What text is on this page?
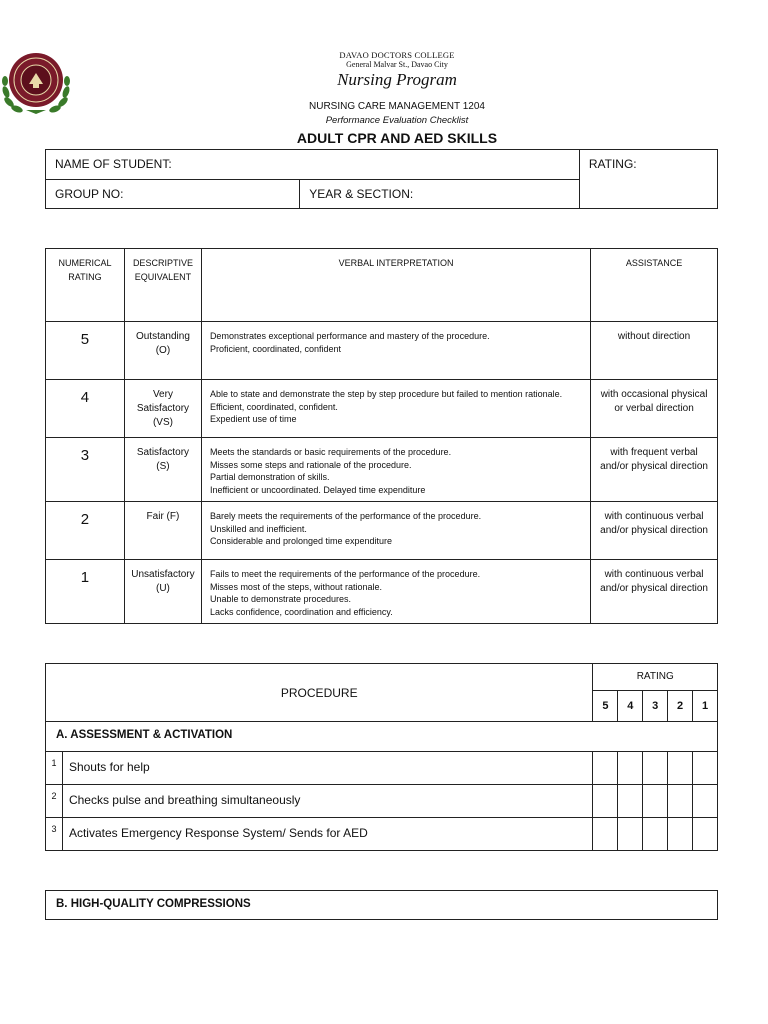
DAVAO DOCTORS COLLEGE
General Malvar St., Davao City
Nursing Program
NURSING CARE MANAGEMENT 1204
Performance Evaluation Checklist
ADULT CPR AND AED SKILLS
NAME OF STUDENT:		RATING:
GROUP NO:	YEAR & SECTION:	
NUMERICAL RATING	DESCRIPTIVE EQUIVALENT	VERBAL INTERPRETATION	ASSISTANCE
5	Outstanding (O)	Demonstrates exceptional performance and mastery of the procedure.
Proficient, coordinated, confident	without direction
4	Very Satisfactory (VS)	Able to state and demonstrate the step by step procedure but failed to mention rationale. Efficient, coordinated, confident.
Expedient use of time	with occasional physical or verbal direction
3	Satisfactory (S)	Meets the standards or basic requirements of the procedure.
Misses some steps and rationale of the procedure.
Partial demonstration of skills.
Inefficient or uncoordinated. Delayed time expenditure	with frequent verbal and/or physical direction
2	Fair (F)	Barely meets the requirements of the performance of the procedure.
Unskilled and inefficient.
Considerable and prolonged time expenditure	with continuous verbal and/or physical direction
1	Unsatisfactory (U)	Fails to meet the requirements of the performance of the procedure.
Misses most of the steps, without rationale.
Unable to demonstrate procedures.
Lacks confidence, coordination and efficiency.	with continuous verbal and/or physical direction
PROCEDURE		RATING				
		5	4	3	2	1
A. ASSESSMENT & ACTIVATION						
1	Shouts for help					
2	Checks pulse and breathing simultaneously					
3	Activates Emergency Response System/ Sends for AED					
B. HIGH-QUALITY COMPRESSIONS
